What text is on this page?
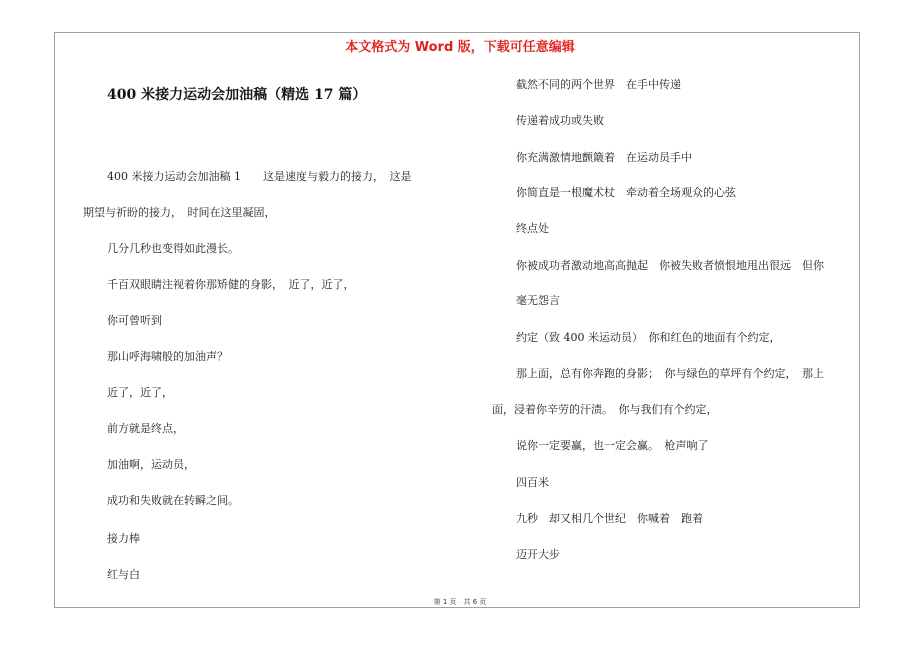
本文格式为 Word 版，下载可任意编辑
400 米接力运动会加油稿（精选 17 篇）
400 米接力运动会加油稿 1　　这是速度与毅力的接力，　这是
期望与祈盼的接力，　时间在这里凝固，
几分几秒也变得如此漫长。
千百双眼睛注视着你那矫健的身影，　近了，近了，
你可曾听到
那山呼海啸般的加油声？
近了，近了，
前方就是终点，
加油啊，运动员，
成功和失败就在转瞬之间。
接力棒
红与白
截然不同的两个世界　在手中传递
传递着成功或失败
你充满激情地颤簸着　在运动员手中
你简直是一根魔术杖　牵动着全场观众的心弦
终点处
你被成功者激动地高高抛起　你被失败者愤恨地甩出很远　但你
毫无怨言
约定（致 400 米运动员）　你和红色的地面有个约定，
那上面，总有你奔跑的身影；　你与绿色的草坪有个约定，　那上
面，浸着你辛劳的汗渍。　你与我们有个约定，
说你一定要赢，也一定会赢。　枪声响了
四百米
九秒　却又相几个世纪　你喊着　跑着
迈开大步
第 1 页　共 6 页
